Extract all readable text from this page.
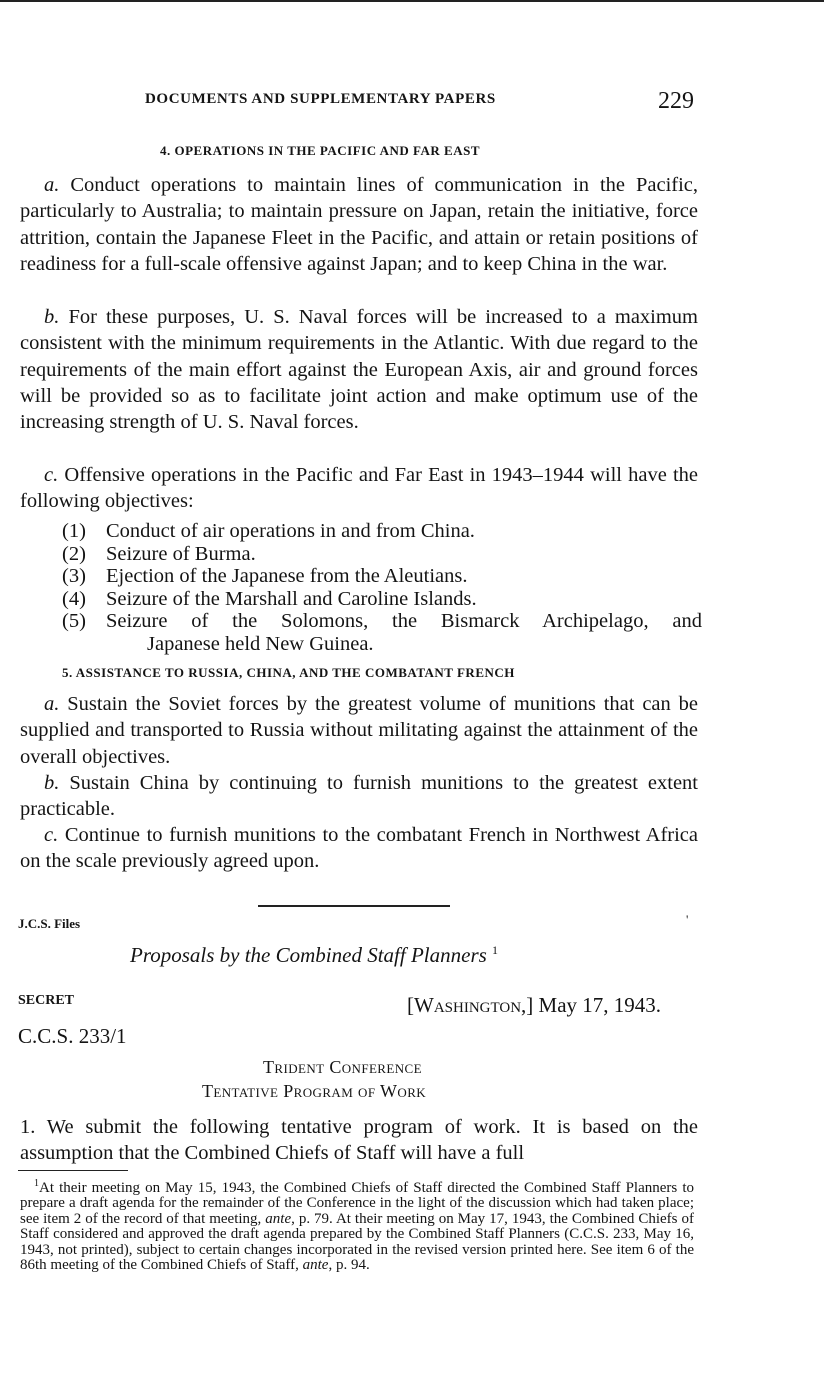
DOCUMENTS AND SUPPLEMENTARY PAPERS	229
4. OPERATIONS IN THE PACIFIC AND FAR EAST

a. Conduct operations to maintain lines of communication in the Pacific, particularly to Australia; to maintain pressure on Japan, retain the initiative, force attrition, contain the Japanese Fleet in the Pacific, and attain or retain positions of readiness for a full-scale offensive against Japan; and to keep China in the war.

b. For these purposes, U. S. Naval forces will be increased to a maximum consistent with the minimum requirements in the Atlantic. With due regard to the requirements of the main effort against the European Axis, air and ground forces will be provided so as to facilitate joint action and make optimum use of the increasing strength of U. S. Naval forces.

c. Offensive operations in the Pacific and Far East in 1943–1944 will have the following objectives:

(1) Conduct of air operations in and from China.
(2) Seizure of Burma.
(3) Ejection of the Japanese from the Aleutians.
(4) Seizure of the Marshall and Caroline Islands.
(5) Seizure of the Solomons, the Bismarck Archipelago, and
Japanese held New Guinea.
5. ASSISTANCE TO RUSSIA, CHINA, AND THE COMBATANT FRENCH

a. Sustain the Soviet forces by the greatest volume of munitions that can be supplied and transported to Russia without militating against the attainment of the overall objectives.

b. Sustain China by continuing to furnish munitions to the greatest extent practicable.

c. Continue to furnish munitions to the combatant French in Northwest Africa on the scale previously agreed upon.

J.C.S. Files	'
Proposals by the Combined Staff Planners $^1$
SECRET	[Washington,] May 17, 1943.
C.C.S. 233/1
Trident Conference
Tentative Program of Work

1. We submit the following tentative program of work. It is based on the assumption that the Combined Chiefs of Staff will have a full

$^1$At their meeting on May 15, 1943, the Combined Chiefs of Staff directed the Combined Staff Planners to prepare a draft agenda for the remainder of the Conference in the light of the discussion which had taken place; see item 2 of the record of that meeting, ante, p. 79. At their meeting on May 17, 1943, the Combined Chiefs of Staff considered and approved the draft agenda prepared by the Combined Staff Planners (C.C.S. 233, May 16, 1943, not printed), subject to certain changes incorporated in the revised version printed here. See item 6 of the 86th meeting of the Combined Chiefs of Staff, ante, p. 94.
